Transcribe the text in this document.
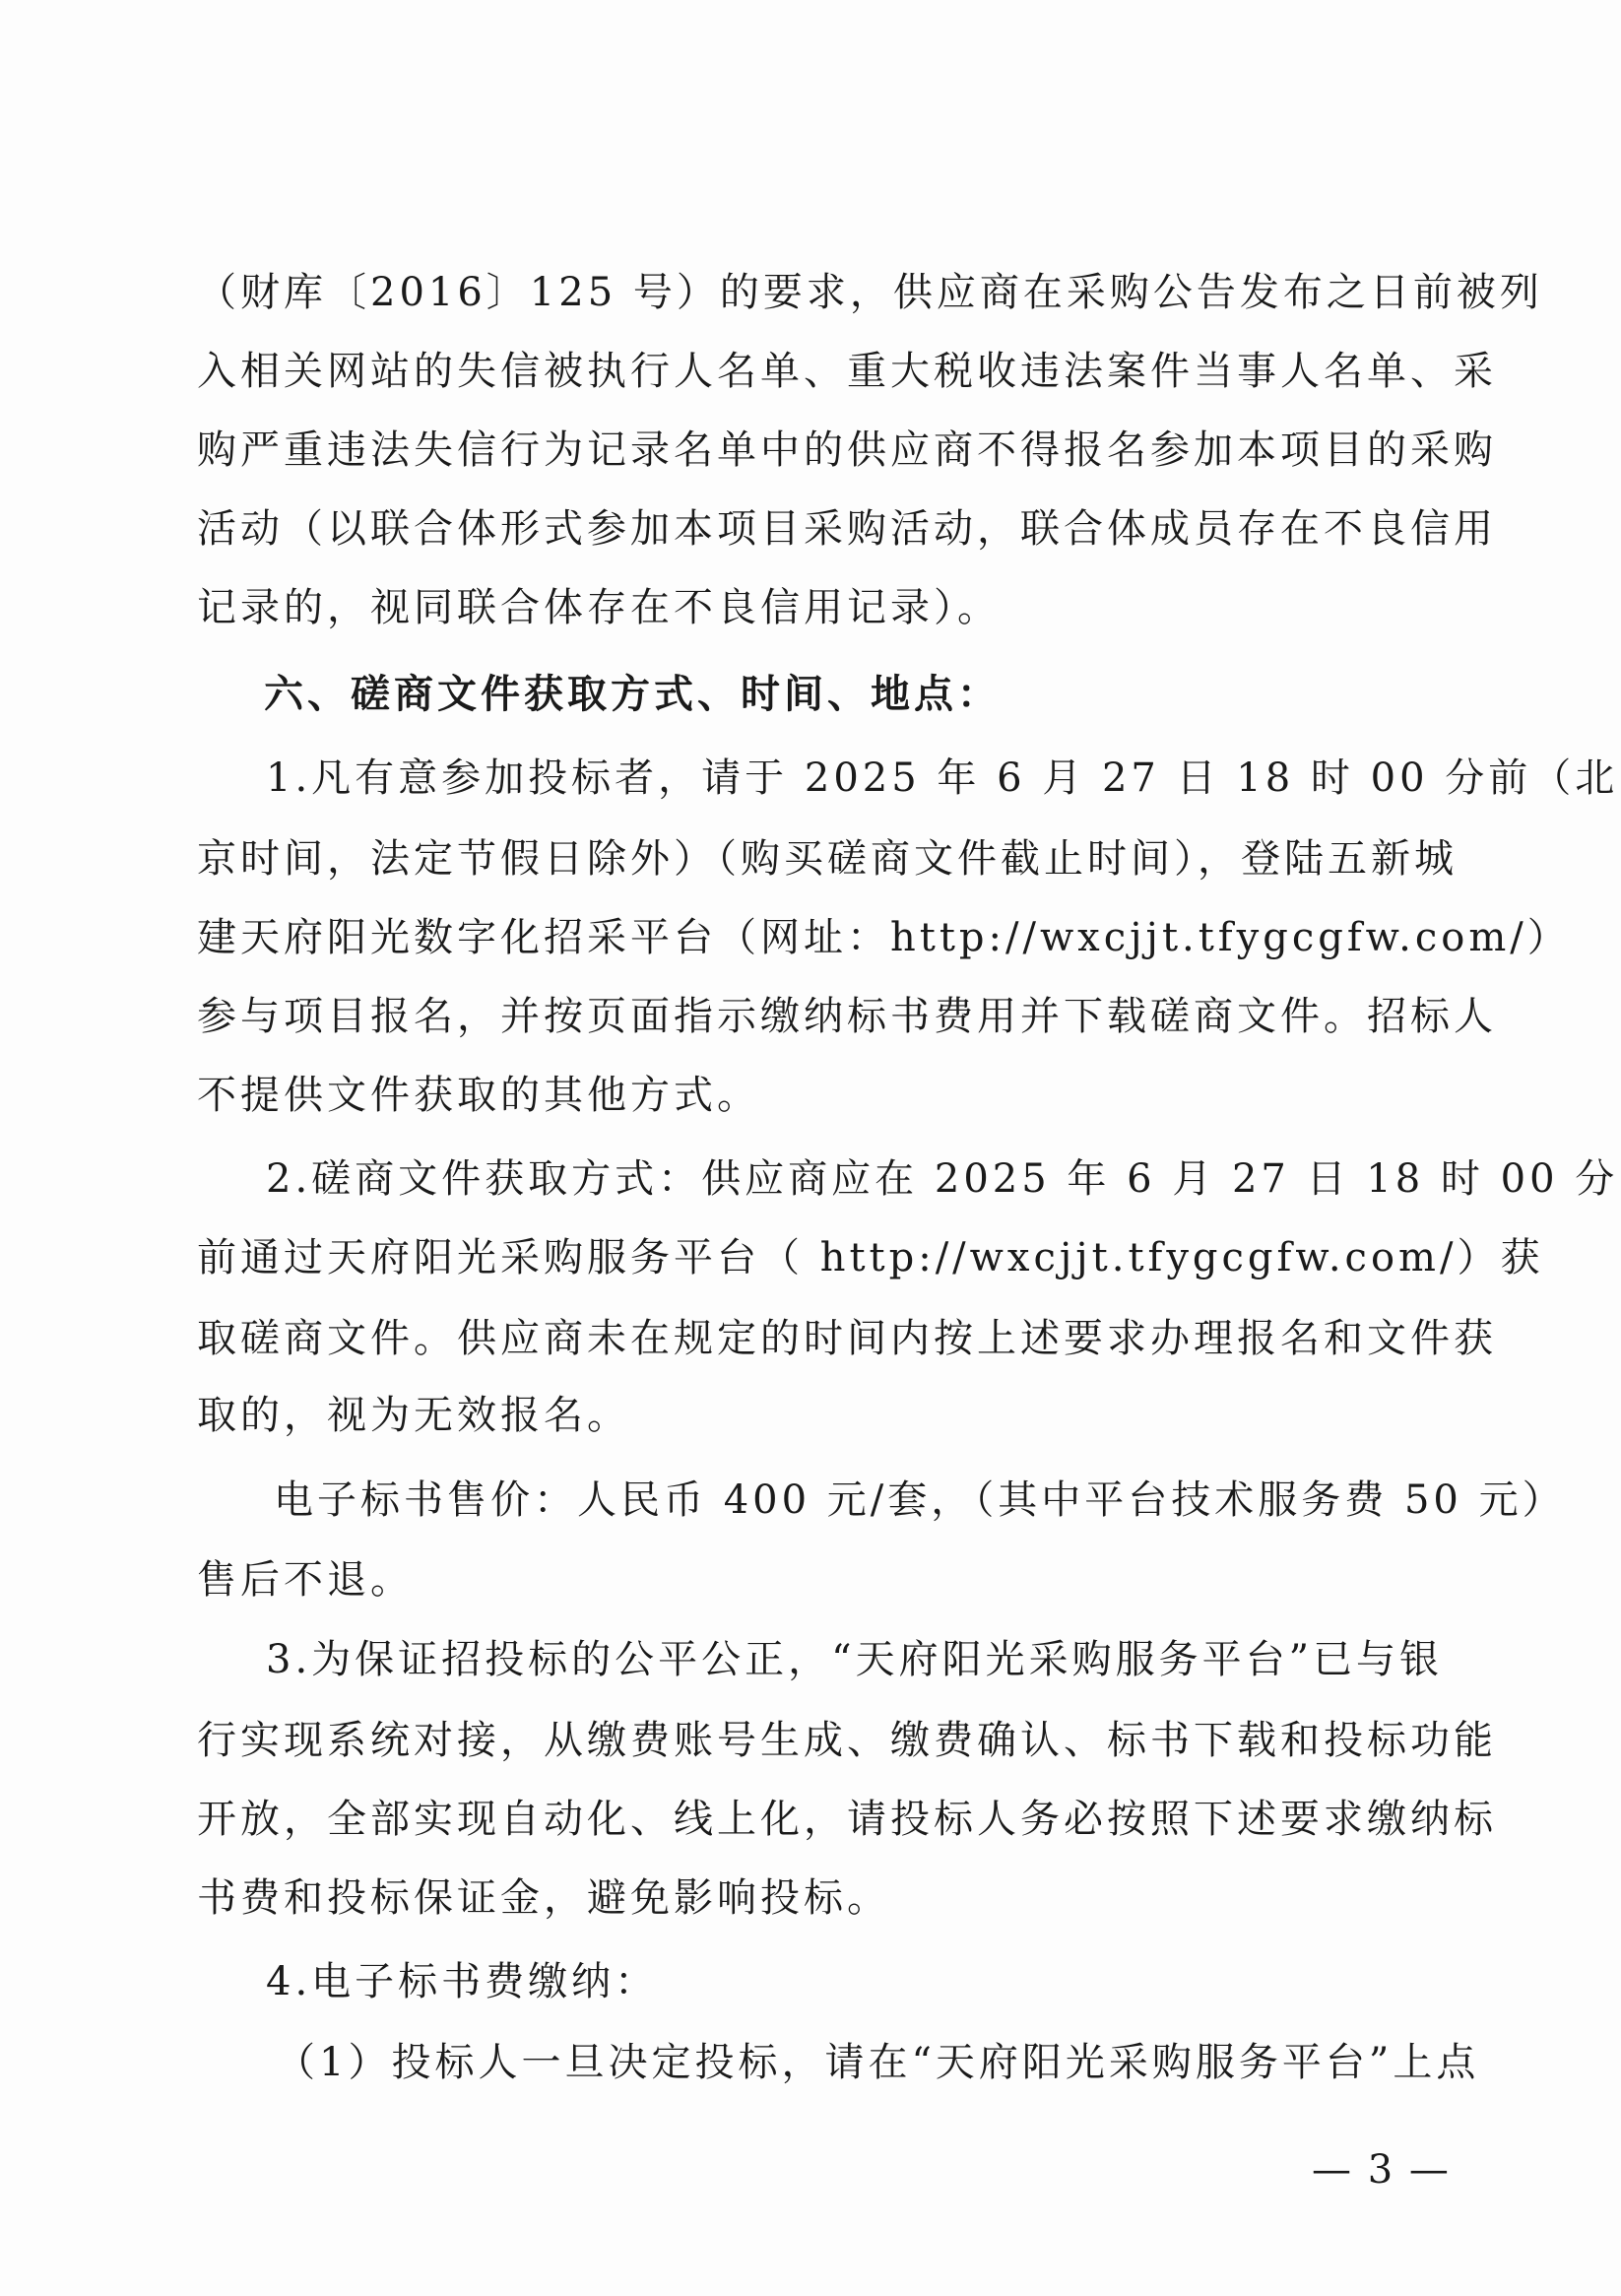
（财库〔2016〕125 号）的要求，供应商在采购公告发布之日前被列
入相关网站的失信被执行人名单、重大税收违法案件当事人名单、采
购严重违法失信行为记录名单中的供应商不得报名参加本项目的采购
活动（以联合体形式参加本项目采购活动，联合体成员存在不良信用
记录的，视同联合体存在不良信用记录）。
六、磋商文件获取方式、时间、地点：
1.凡有意参加投标者，请于 2025 年 6 月 27 日 18 时 00 分前（北
京时间，法定节假日除外）（购买磋商文件截止时间），登陆五新城
建天府阳光数字化招采平台（网址：http://wxcjjt.tfygcgfw.com/）
参与项目报名，并按页面指示缴纳标书费用并下载磋商文件。招标人
不提供文件获取的其他方式。
2.磋商文件获取方式：供应商应在 2025 年 6 月 27 日 18 时 00 分
前通过天府阳光采购服务平台（ http://wxcjjt.tfygcgfw.com/）获
取磋商文件。供应商未在规定的时间内按上述要求办理报名和文件获
取的，视为无效报名。
电子标书售价：人民币 400 元/套，（其中平台技术服务费 50 元）
售后不退。
3.为保证招投标的公平公正，“天府阳光采购服务平台”已与银
行实现系统对接，从缴费账号生成、缴费确认、标书下载和投标功能
开放，全部实现自动化、线上化，请投标人务必按照下述要求缴纳标
书费和投标保证金，避免影响投标。
4.电子标书费缴纳：
（1）投标人一旦决定投标，请在“天府阳光采购服务平台”上点
— 3 —
